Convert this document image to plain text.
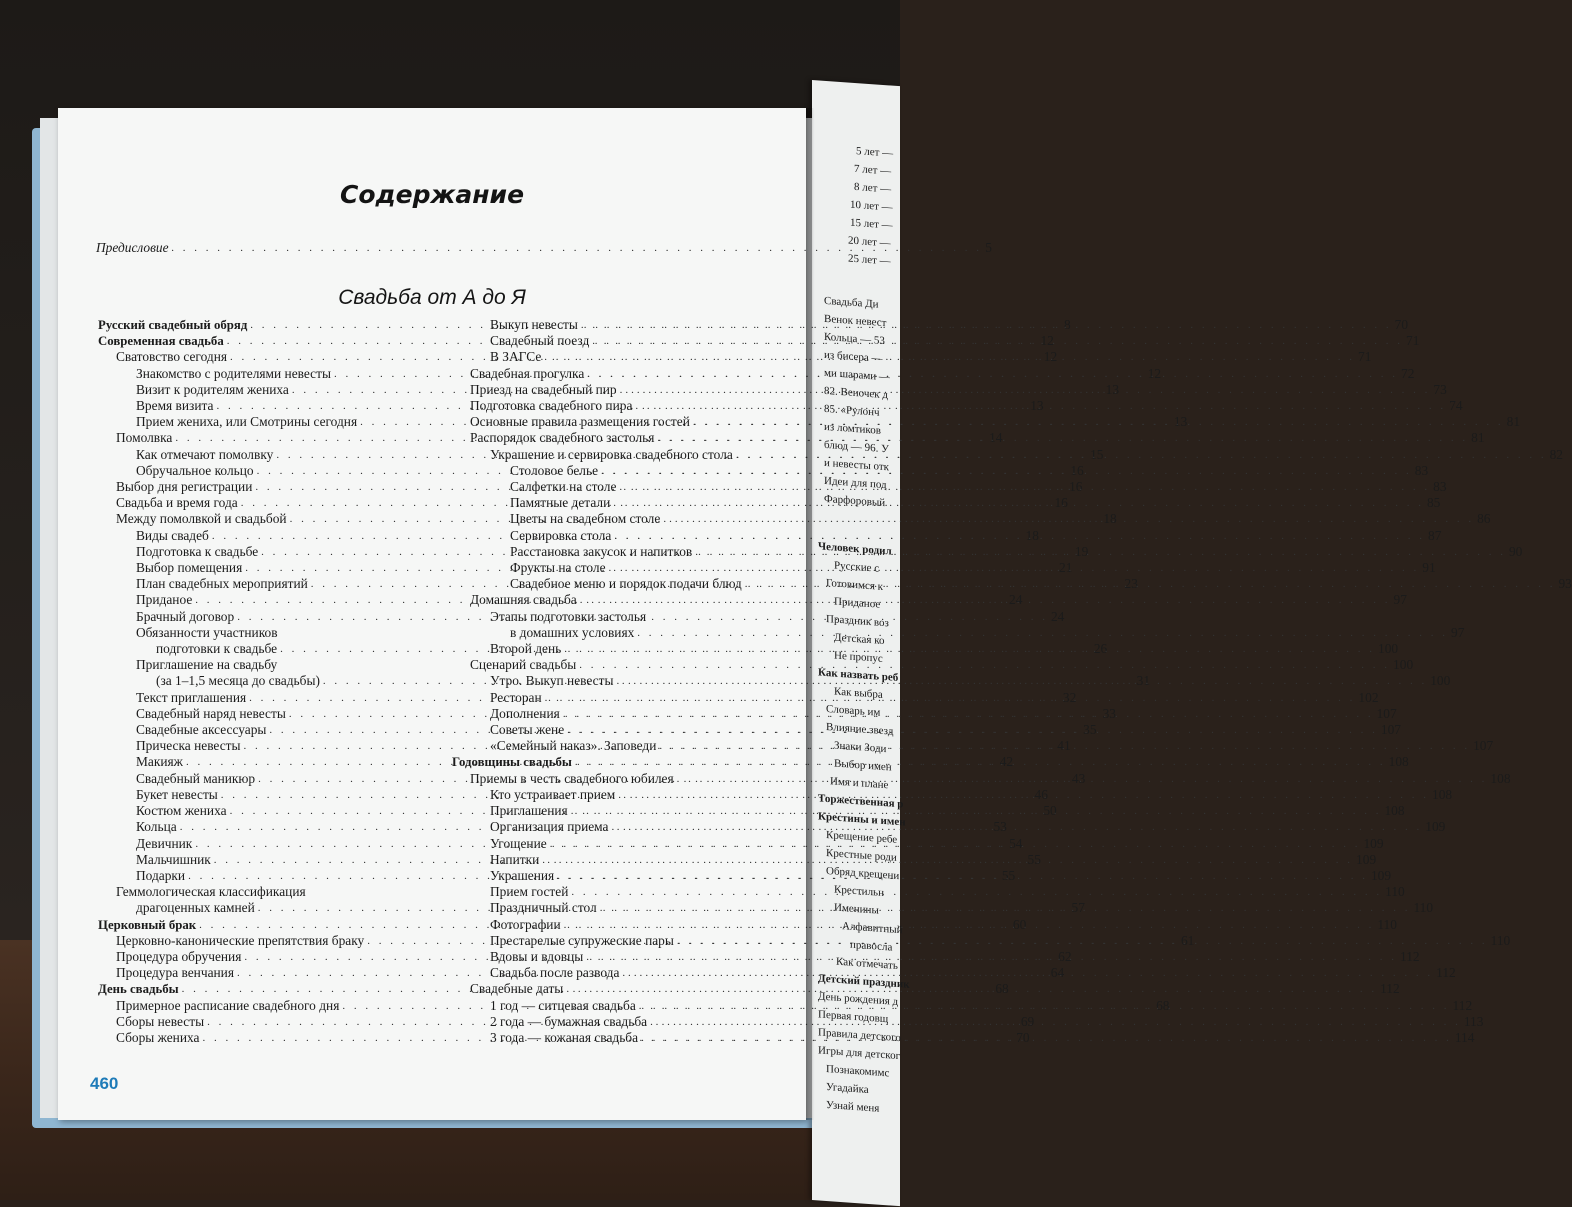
5 лет —
7 лет —
8 лет —
10 лет —
15 лет —
20 лет —
25 лет —
Свадьба Ди
Венок невест
Кольца — 53
из бисера —
ми шарами —
82. Веночек д
85. «Рулонч
из ломтиков
блюд — 96. У
и невесты отк
Идеи для под
Фарфоровый
Человек родил
Русские с
Готовимся к
Приданое
Праздник воз
Детская ко
Не пропус
Как назвать реб
Как выбра
Словарь им
Влияние звезд
Знаки Зоди
Выбор имен
Имя и плане
Торжественная р
Крестины и имен
Крещение ребе
Крестные роди
Обряд крещени
Крестильн
Именины
Алфавитный
правосла
Как отмечать
Детский праздник
День рождения д
Первая годовщ
Правила детского
Игры для детског
Познакомимс
Угадайка
Узнай меня
Содержание
Предисловие . . .	5
Свадьба от А до Я
Русский свадебный обряд . . .	8
Современная свадьба . . .	12
Сватовство сегодня . . .	12
Знакомство с родителями невесты . . .	12
Визит к родителям жениха . . .	13
Время визита . . .	13
Прием жениха, или Смотрины сегодня . . .	13
Помолвка . . .	14
Как отмечают помолвку . . .	15
Обручальное кольцо . . .	16
Выбор дня регистрации . . .	16
Свадьба и время года . . .	16
Между помолвкой и свадьбой . . .	18
Виды свадеб . . .	18
Подготовка к свадьбе . . .	19
Выбор помещения . . .	21
План свадебных мероприятий . . .	23
Приданое . . .	24
Брачный договор . . .	24
Обязанности участников
подготовки к свадьбе . . .	26
Приглашение на свадьбу
(за 1–1,5 месяца до свадьбы) . . .	31
Текст приглашения . . .	32
Свадебный наряд невесты . . .	33
Свадебные аксессуары . . .	35
Прическа невесты . . .	41
Макияж . . .	42
Свадебный маникюр . . .	43
Букет невесты . . .	46
Костюм жениха . . .	50
Кольца . . .	53
Девичник . . .	54
Мальчишник . . .	55
Подарки . . .	55
Геммологическая классификация
драгоценных камней . . .	57
Церковный брак . . .	60
Церковно-канонические препятствия браку . . .	61
Процедура обручения . . .	62
Процедура венчания . . .	64
День свадьбы . . .	68
Примерное расписание свадебного дня . . .	68
Сборы невесты . . .	69
Сборы жениха . . .	70
Выкуп невесты . . .	70
Свадебный поезд . . .	71
В ЗАГСе . . .	71
Свадебная прогулка . . .	72
Приезд на свадебный пир . . .	73
Подготовка свадебного пира . . .	74
Основные правила размещения гостей . . .	81
Распорядок свадебного застолья . . .	81
Украшение и сервировка свадебного стола . . .	82
Столовое белье . . .	83
Салфетки на столе . . .	83
Памятные детали . . .	85
Цветы на свадебном столе . . .	86
Сервировка стола . . .	87
Расстановка закусок и напитков . . .	90
Фрукты на столе . . .	91
Свадебное меню и порядок подачи блюд . . .	93
Домашняя свадьба . . .	97
Этапы подготовки застолья
в домашних условиях . . .	97
Второй день . . .	100
Сценарий свадьбы . . .	100
Утро. Выкуп невесты . . .	100
Ресторан . . .	102
Дополнения . . .	107
Советы жене . . .	107
«Семейный наказ». Заповеди . . .	107
Годовщины свадьбы . . .	108
Приемы в честь свадебного юбилея . . .	108
Кто устраивает прием . . .	108
Приглашения . . .	108
Организация приема . . .	109
Угощение . . .	109
Напитки . . .	109
Украшения . . .	109
Прием гостей . . .	110
Праздничный стол . . .	110
Фотографии . . .	110
Престарелые супружеские пары . . .	110
Вдовы и вдовцы . . .	112
Свадьба после развода . . .	112
Свадебные даты . . .	112
1 год — ситцевая свадьба . . .	112
2 года — бумажная свадьба . . .	113
3 года — кожаная свадьба . . .	114
460
